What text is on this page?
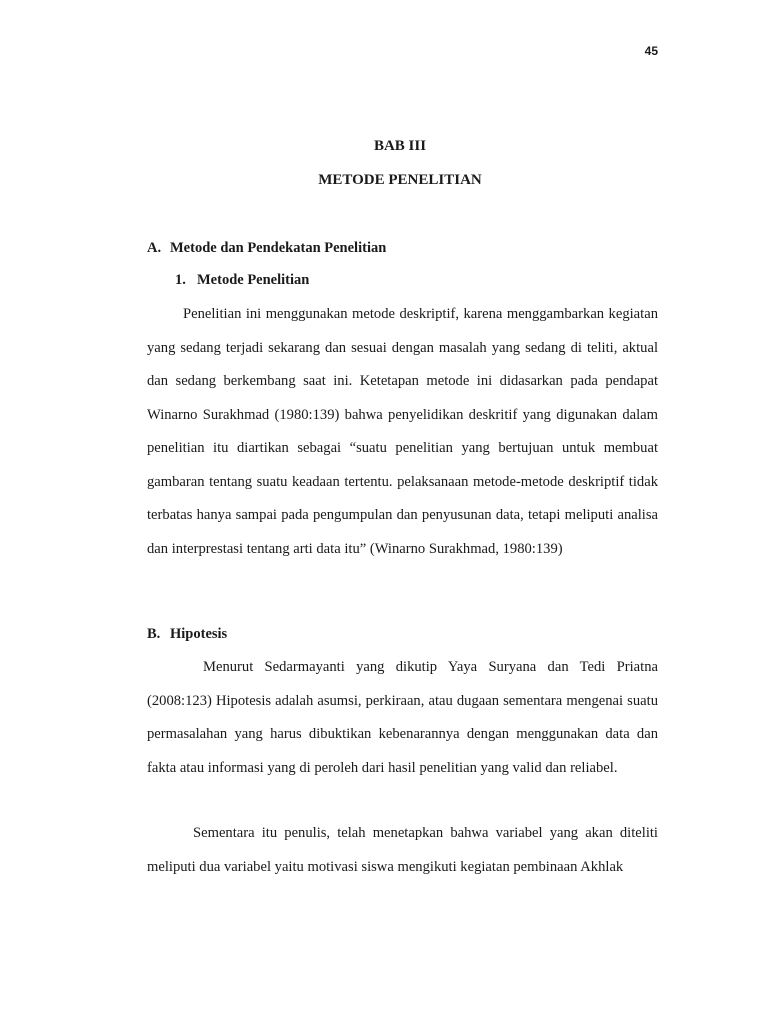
45
BAB III
METODE PENELITIAN
A. Metode dan Pendekatan Penelitian
1. Metode Penelitian

Penelitian ini menggunakan metode deskriptif, karena menggambarkan kegiatan yang sedang terjadi sekarang dan sesuai dengan masalah yang sedang di teliti, aktual dan sedang berkembang saat ini. Ketetapan metode ini didasarkan pada pendapat Winarno Surakhmad (1980:139) bahwa penyelidikan deskritif yang digunakan dalam penelitian itu diartikan sebagai “suatu penelitian yang bertujuan untuk membuat gambaran tentang suatu keadaan tertentu. pelaksanaan metode-metode deskriptif tidak terbatas hanya sampai pada pengumpulan dan penyusunan data, tetapi meliputi analisa dan interprestasi tentang arti data itu” (Winarno Surakhmad, 1980:139)

B. Hipotesis

Menurut Sedarmayanti yang dikutip Yaya Suryana dan Tedi Priatna (2008:123) Hipotesis adalah asumsi, perkiraan, atau dugaan sementara mengenai suatu permasalahan yang harus dibuktikan kebenarannya dengan menggunakan data dan fakta atau informasi yang di peroleh dari hasil penelitian yang valid dan reliabel.

Sementara itu penulis, telah menetapkan bahwa variabel yang akan diteliti meliputi dua variabel yaitu motivasi siswa mengikuti kegiatan pembinaan Akhlak
